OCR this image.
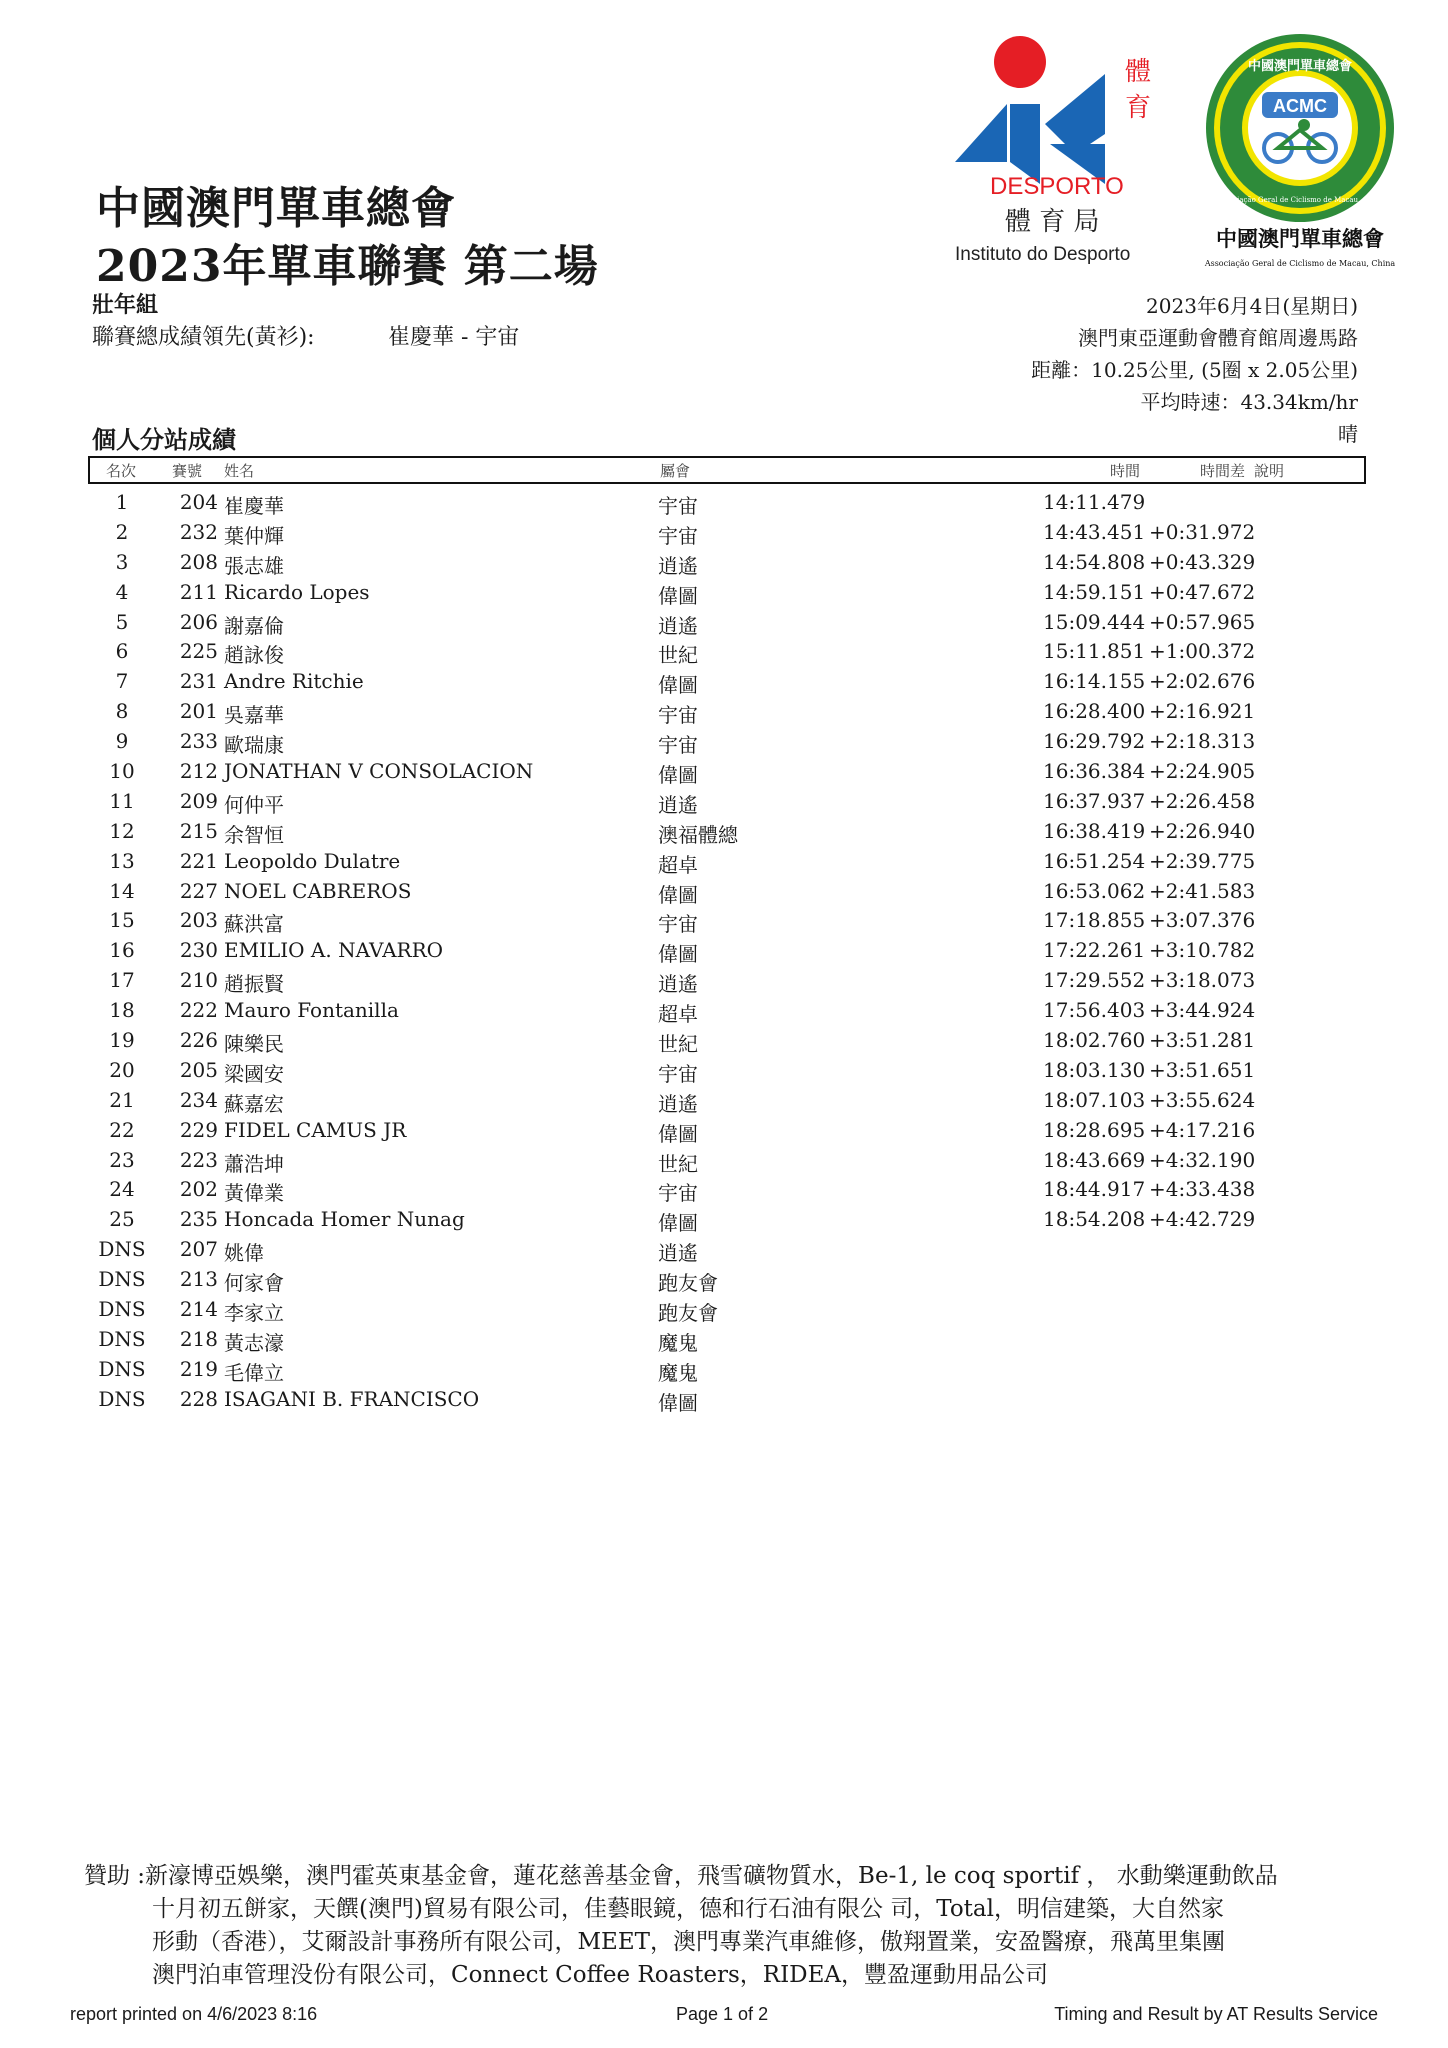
中國澳門單車總會
2023年單車聯賽 第二場
壯年組
聯賽總成績領先(黃衫):	崔慶華 - 宇宙
2023年6月4日(星期日)
澳門東亞運動會體育館周邊馬路
距離：10.25公里, (5圈 x 2.05公里)
平均時速：43.34km/hr
晴
個人分站成績
體
育
DESPORTO
體 育 局
Instituto do Desporto
ACMC
中國澳門單車總會
Associação Geral de Ciclismo de Macau, China
中國澳門單車總會
Associação Geral de Ciclismo de Macau, China
名次 賽號 姓名	屬會	時間	時間差 說明
1	204 崔慶華	宇宙	14:11.479
2	232 葉仲輝	宇宙	14:43.451 +0:31.972
3	208 張志雄	逍遙	14:54.808 +0:43.329
4	211 Ricardo Lopes	偉圖	14:59.151 +0:47.672
5	206 謝嘉倫	逍遙	15:09.444 +0:57.965
6	225 趙詠俊	世紀	15:11.851 +1:00.372
7	231 Andre Ritchie	偉圖	16:14.155 +2:02.676
8	201 吳嘉華	宇宙	16:28.400 +2:16.921
9	233 歐瑞康	宇宙	16:29.792 +2:18.313
10	212 JONATHAN V CONSOLACION	偉圖	16:36.384 +2:24.905
11	209 何仲平	逍遙	16:37.937 +2:26.458
12	215 余智恒	澳福體總	16:38.419 +2:26.940
13	221 Leopoldo Dulatre	超卓	16:51.254 +2:39.775
14	227 NOEL CABREROS	偉圖	16:53.062 +2:41.583
15	203 蘇洪富	宇宙	17:18.855 +3:07.376
16	230 EMILIO A. NAVARRO	偉圖	17:22.261 +3:10.782
17	210 趙振賢	逍遙	17:29.552 +3:18.073
18	222 Mauro Fontanilla	超卓	17:56.403 +3:44.924
19	226 陳樂民	世紀	18:02.760 +3:51.281
20	205 梁國安	宇宙	18:03.130 +3:51.651
21	234 蘇嘉宏	逍遙	18:07.103 +3:55.624
22	229 FIDEL CAMUS JR	偉圖	18:28.695 +4:17.216
23	223 蕭浩坤	世紀	18:43.669 +4:32.190
24	202 黃偉業	宇宙	18:44.917 +4:33.438
25	235 Honcada Homer Nunag	偉圖	18:54.208 +4:42.729
DNS	207 姚偉	逍遙
DNS	213 何家會	跑友會
DNS	214 李家立	跑友會
DNS	218 黃志濠	魔鬼
DNS	219 毛偉立	魔鬼
DNS	228 ISAGANI B. FRANCISCO	偉圖
贊助 :新濠博亞娛樂，澳門霍英東基金會，蓮花慈善基金會，飛雪礦物質水，Be-1, le coq sportif ， 水動樂運動飲品
十月初五餅家，天饌(澳門)貿易有限公司，佳藝眼鏡，德和行石油有限公 司，Total，明信建築，大自然家
形動（香港），艾爾設計事務所有限公司，MEET，澳門專業汽車維修，傲翔置業，安盈醫療，飛萬里集團
澳門泊車管理没份有限公司，Connect Coffee Roasters，RIDEA，豐盈運動用品公司
report printed on 4/6/2023 8:16	Page 1 of 2	Timing and Result by AT Results Service
